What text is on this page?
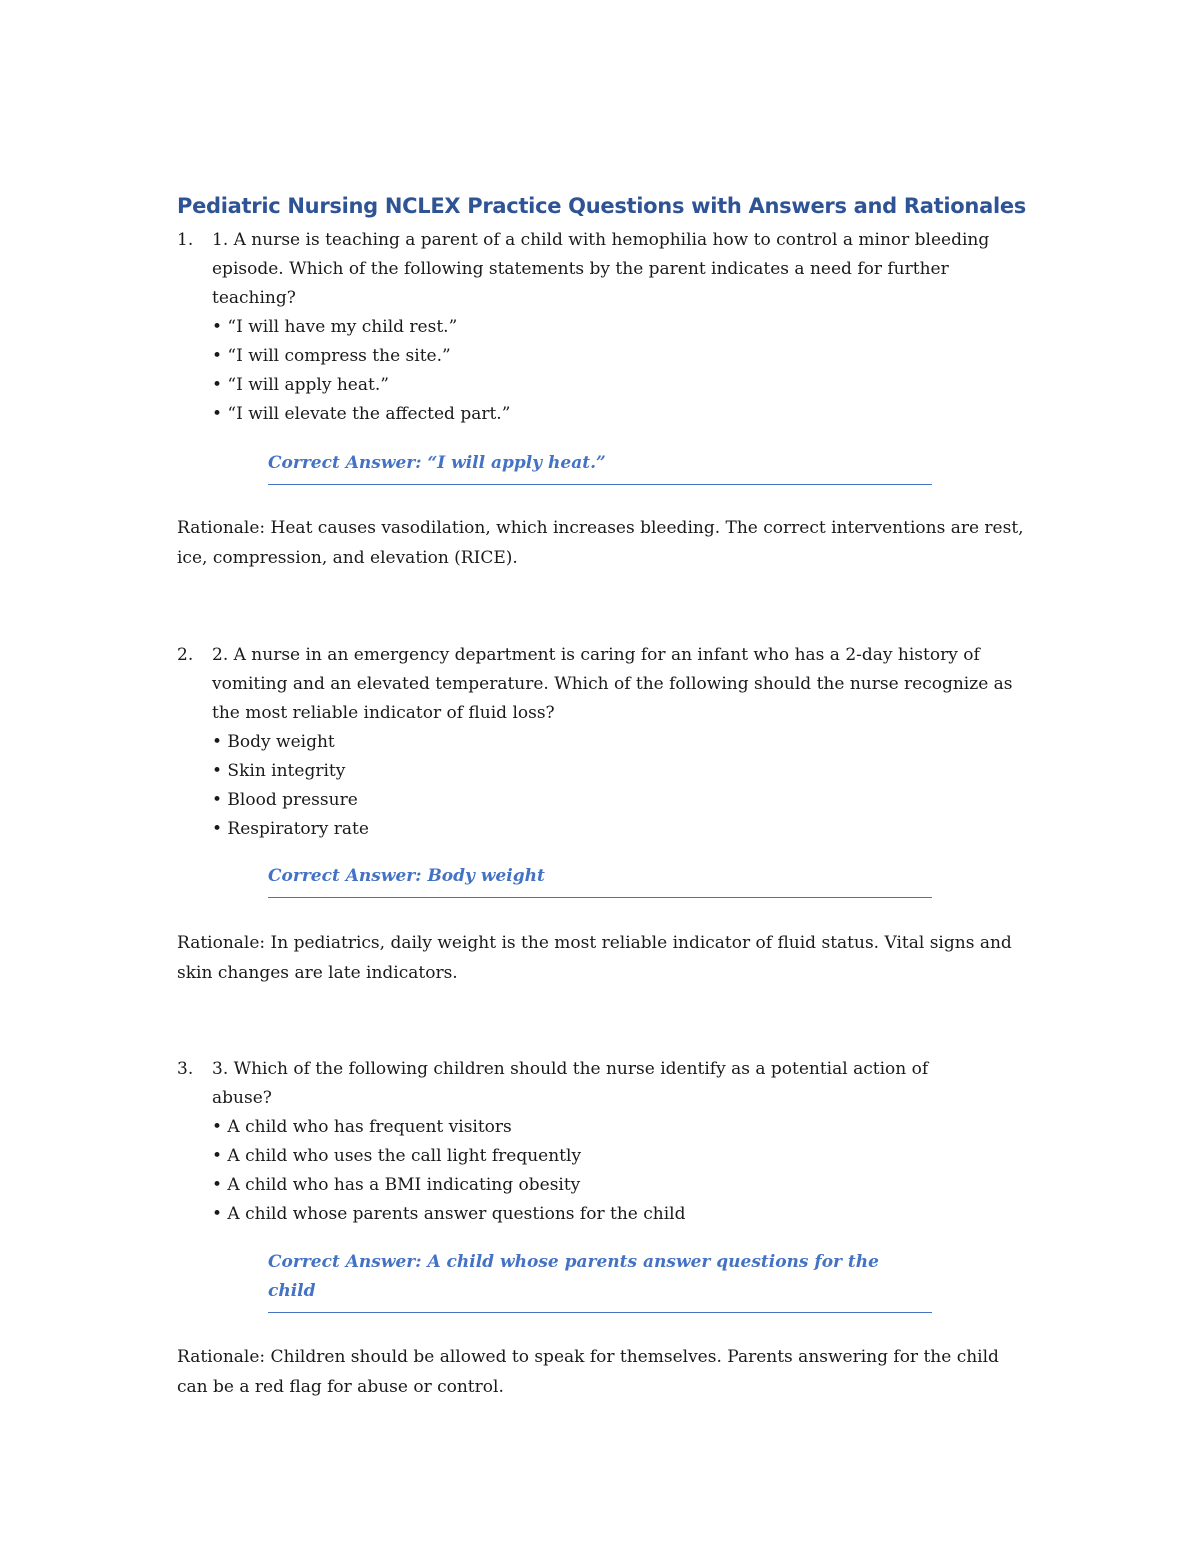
Pediatric Nursing NCLEX Practice Questions with Answers and Rationales
1. 1. A nurse is teaching a parent of a child with hemophilia how to control a minor bleeding episode. Which of the following statements by the parent indicates a need for further teaching?

• “I will have my child rest.”
• “I will compress the site.”
• “I will apply heat.”
• “I will elevate the affected part.”

Correct Answer: “I will apply heat.”

Rationale: Heat causes vasodilation, which increases bleeding. The correct interventions are rest, ice, compression, and elevation (RICE).

2. 2. A nurse in an emergency department is caring for an infant who has a 2-day history of vomiting and an elevated temperature. Which of the following should the nurse recognize as the most reliable indicator of fluid loss?

• Body weight
• Skin integrity
• Blood pressure
• Respiratory rate

Correct Answer: Body weight

Rationale: In pediatrics, daily weight is the most reliable indicator of fluid status. Vital signs and skin changes are late indicators.

3. 3. Which of the following children should the nurse identify as a potential action of abuse?

• A child who has frequent visitors
• A child who uses the call light frequently
• A child who has a BMI indicating obesity
• A child whose parents answer questions for the child

Correct Answer: A child whose parents answer questions for the child

Rationale: Children should be allowed to speak for themselves. Parents answering for the child can be a red flag for abuse or control.
